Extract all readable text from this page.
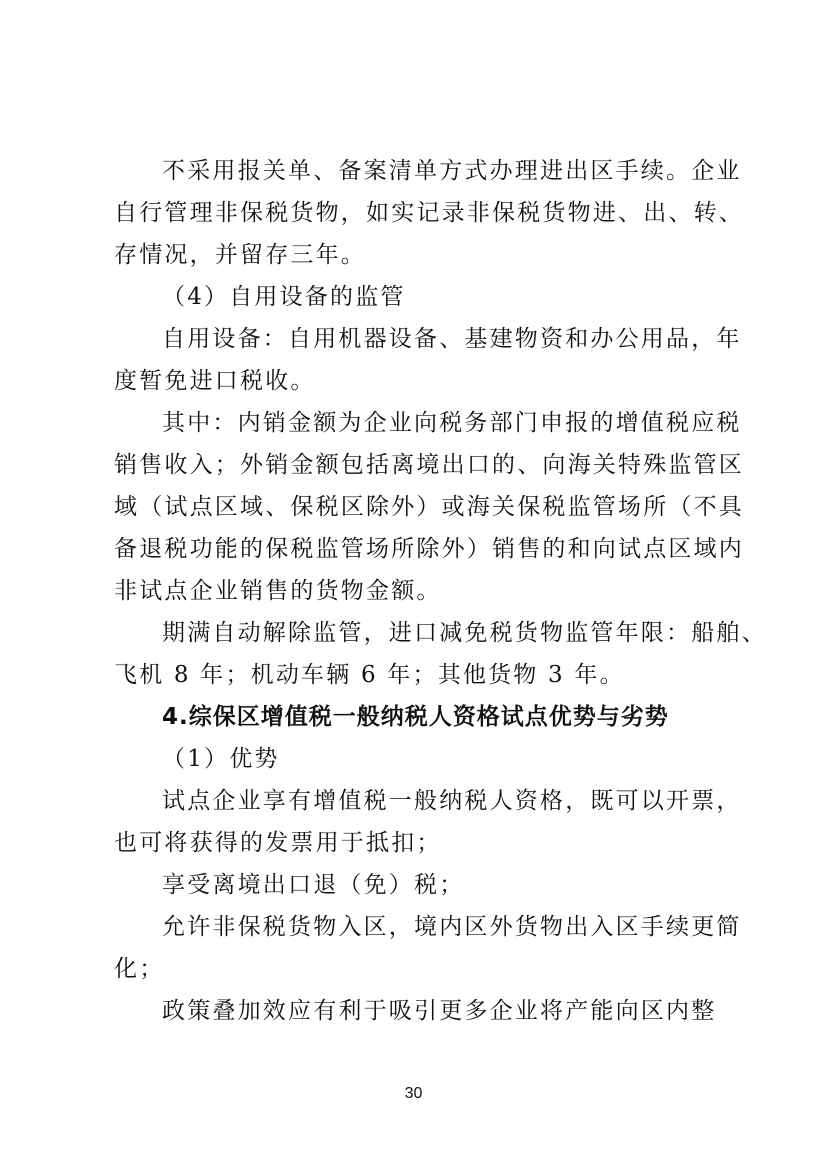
不采用报关单、备案清单方式办理进出区手续。企业
自行管理非保税货物，如实记录非保税货物进、出、转、
存情况，并留存三年。
（4）自用设备的监管
自用设备：自用机器设备、基建物资和办公用品，年
度暂免进口税收。
其中：内销金额为企业向税务部门申报的增值税应税
销售收入；外销金额包括离境出口的、向海关特殊监管区
域（试点区域、保税区除外）或海关保税监管场所（不具
备退税功能的保税监管场所除外）销售的和向试点区域内
非试点企业销售的货物金额。
期满自动解除监管，进口减免税货物监管年限：船舶、
飞机 8 年；机动车辆 6 年；其他货物 3 年。
4.综保区增值税一般纳税人资格试点优势与劣势
（1）优势
试点企业享有增值税一般纳税人资格，既可以开票，
也可将获得的发票用于抵扣；
享受离境出口退（免）税；
允许非保税货物入区，境内区外货物出入区手续更简
化；
政策叠加效应有利于吸引更多企业将产能向区内整
30
